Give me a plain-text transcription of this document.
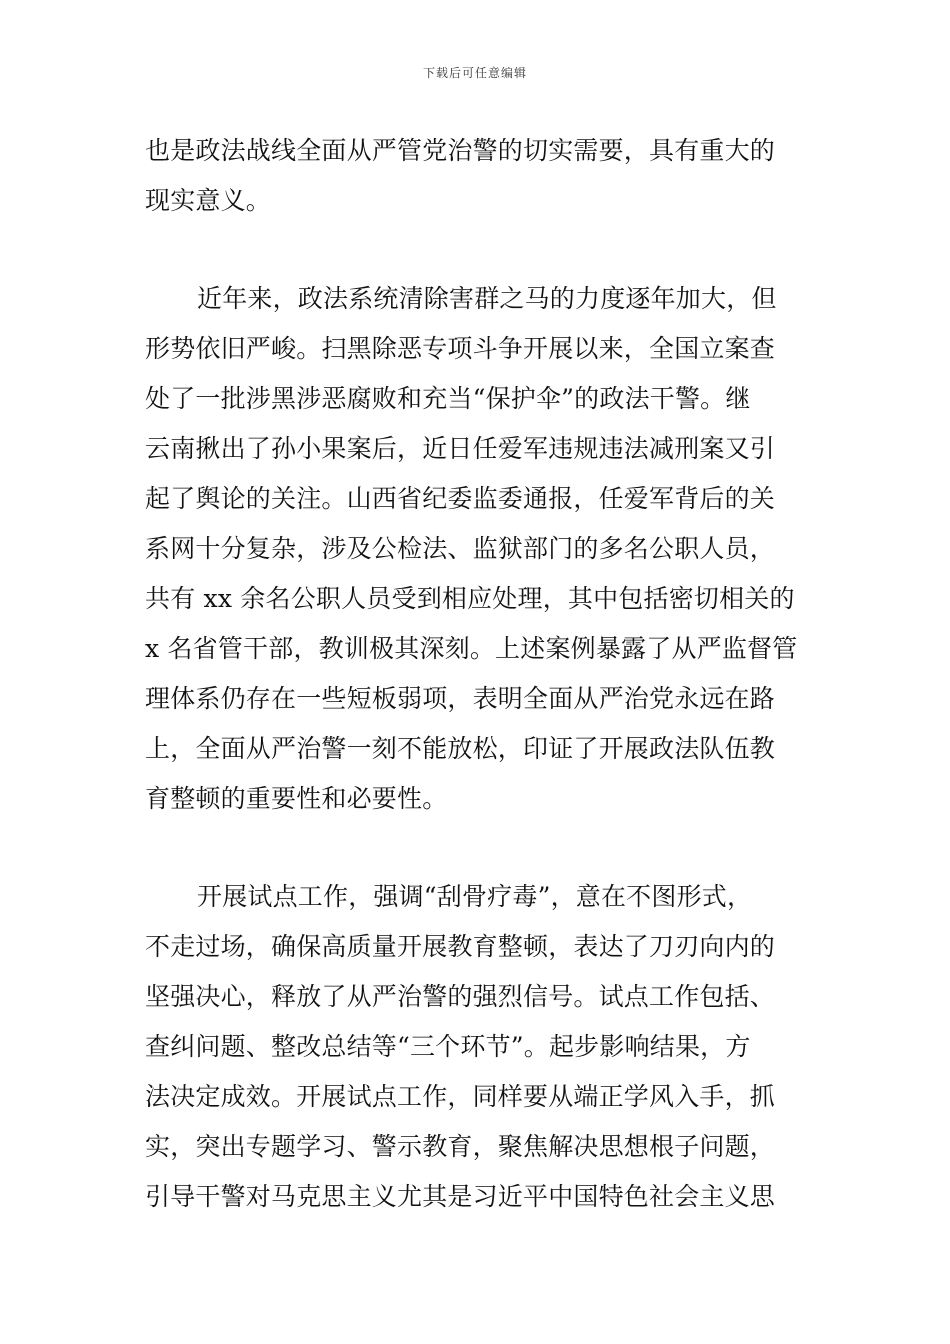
下载后可任意编辑
也是政法战线全面从严管党治警的切实需要，具有重大的
现实意义。
近年来，政法系统清除害群之马的力度逐年加大，但
形势依旧严峻。扫黑除恶专项斗争开展以来，全国立案查
处了一批涉黑涉恶腐败和充当“保护伞”的政法干警。继
云南揪出了孙小果案后，近日任爱军违规违法减刑案又引
起了舆论的关注。山西省纪委监委通报，任爱军背后的关
系网十分复杂，涉及公检法、监狱部门的多名公职人员，
共有 xx 余名公职人员受到相应处理，其中包括密切相关的
x 名省管干部，教训极其深刻。上述案例暴露了从严监督管
理体系仍存在一些短板弱项，表明全面从严治党永远在路
上，全面从严治警一刻不能放松，印证了开展政法队伍教
育整顿的重要性和必要性。
开展试点工作，强调“刮骨疗毒”，意在不图形式，
不走过场，确保高质量开展教育整顿，表达了刀刃向内的
坚强决心，释放了从严治警的强烈信号。试点工作包括、
查纠问题、整改总结等“三个环节”。起步影响结果，方
法决定成效。开展试点工作，同样要从端正学风入手，抓
实，突出专题学习、警示教育，聚焦解决思想根子问题，
引导干警对马克思主义尤其是习近平中国特色社会主义思
